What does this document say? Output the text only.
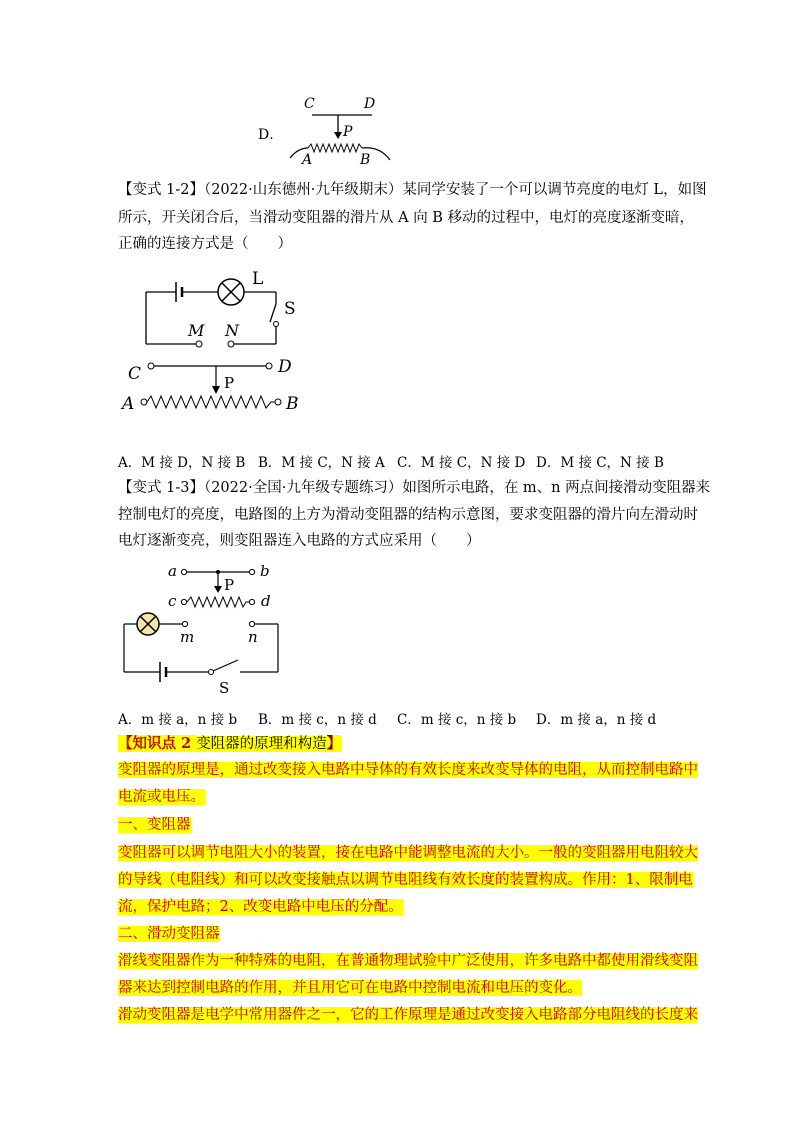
D．
C	D
P
A	B
【变式 1-2】（2022·山东德州·九年级期末）某同学安装了一个可以调节亮度的电灯 L，如图
所示，开关闭合后，当滑动变阻器的滑片从 A 向 B 移动的过程中，电灯的亮度逐渐变暗，
正确的连接方式是（　　）
L
S
N
M
C	D
P
A	B
A．M 接 D，N 接 B B．M 接 C，N 接 A C．M 接 C，N 接 D D．M 接 C，N 接 B
【变式 1-3】（2022·全国·九年级专题练习）如图所示电路，在 m、n 两点间接滑动变阻器来
控制电灯的亮度，电路图的上方为滑动变阻器的结构示意图，要求变阻器的滑片向左滑动时
电灯逐渐变亮，则变阻器连入电路的方式应采用（　　）
a	b
P
c	d
m	n
S
A．m 接 a，n 接 b B．m 接 c，n 接 d C．m 接 c，n 接 b D．m 接 a，n 接 d
【知识点 2 变阻器的原理和构造】
变阻器的原理是，通过改变接入电路中导体的有效长度来改变导体的电阻，从而控制电路中
电流或电压。
一、变阻器
变阻器可以调节电阻大小的装置，接在电路中能调整电流的大小。一般的变阻器用电阻较大
的导线（电阻线）和可以改变接触点以调节电阻线有效长度的装置构成。作用：1、限制电
流，保护电路；2、改变电路中电压的分配。
二、滑动变阻器
滑线变阻器作为一种特殊的电阻，在普通物理试验中广泛使用，许多电路中都使用滑线变阻
器来达到控制电路的作用，并且用它可在电路中控制电流和电压的变化。
滑动变阻器是电学中常用器件之一，它的工作原理是通过改变接入电路部分电阻线的长度来
